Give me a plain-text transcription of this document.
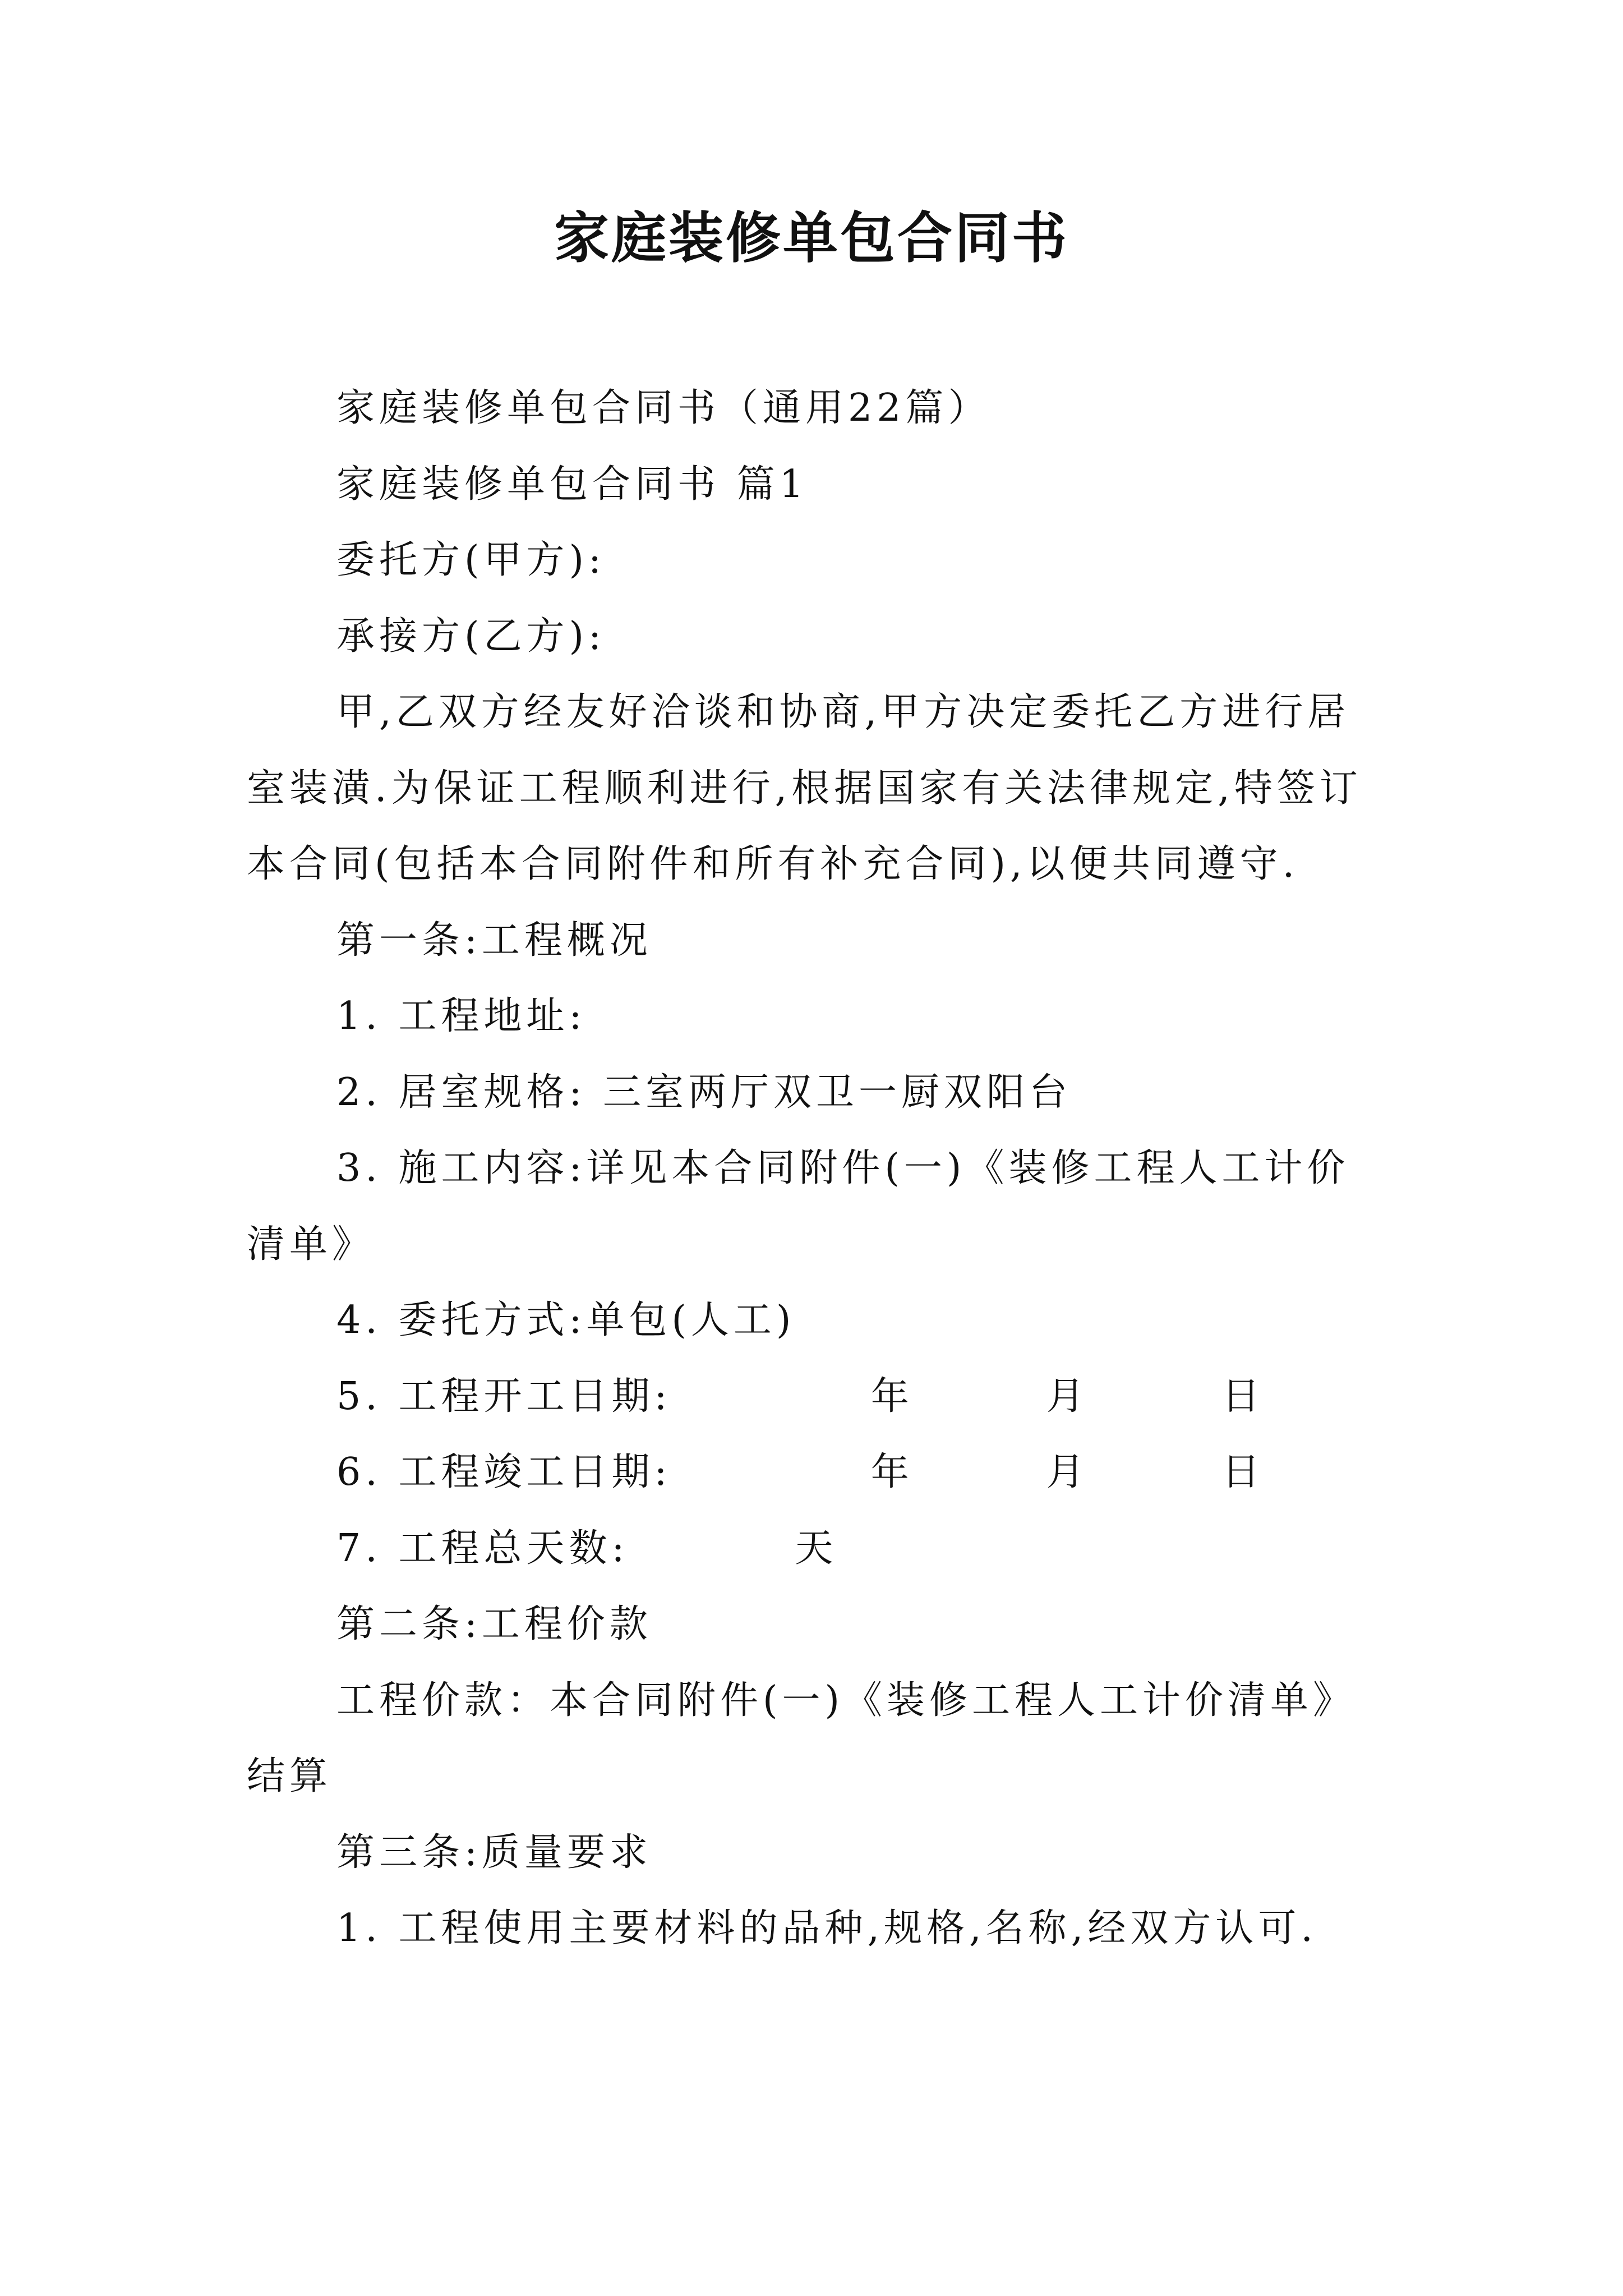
家庭装修单包合同书

家庭装修单包合同书（通用22篇）

家庭装修单包合同书 篇1

委托方(甲方):

承接方(乙方):

甲,乙双方经友好洽谈和协商,甲方决定委托乙方进行居室装潢.为保证工程顺利进行,根据国家有关法律规定,特签订本合同(包括本合同附件和所有补充合同),以便共同遵守.

第一条:工程概况

1. 工程地址:

2. 居室规格: 三室两厅双卫一厨双阳台

3. 施工内容:详见本合同附件(一)《装修工程人工计价清单》

4. 委托方式:单包(人工)

5. 工程开工日期:            年        月        日

6. 工程竣工日期:            年        月        日

7. 工程总天数:          天

第二条:工程价款

工程价款：本合同附件(一)《装修工程人工计价清单》结算

第三条:质量要求

1. 工程使用主要材料的品种,规格,名称,经双方认可.
